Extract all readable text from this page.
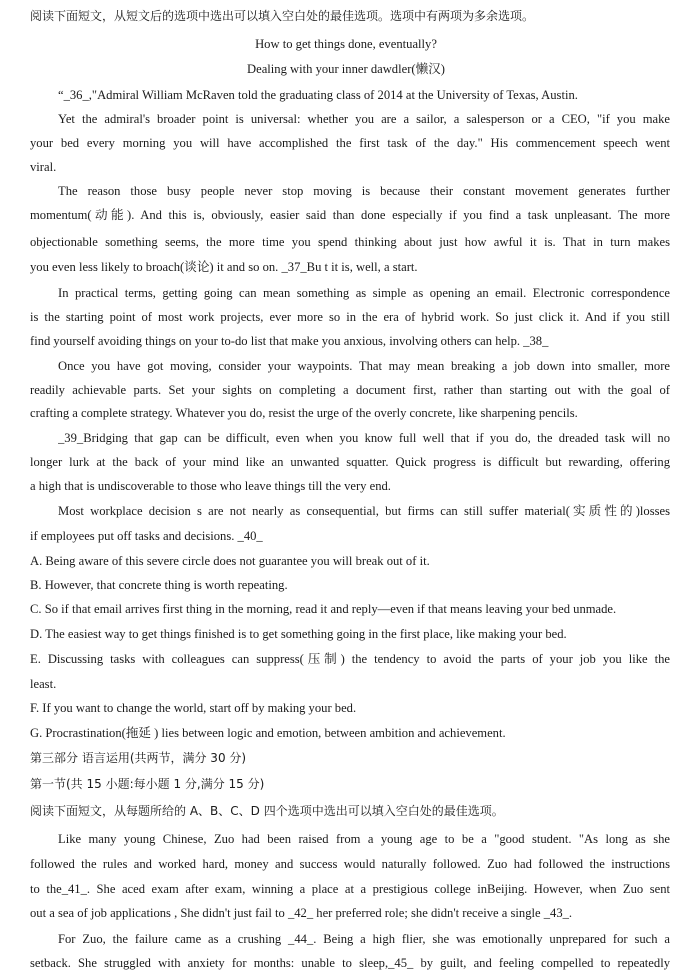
阅读下面短文，从短文后的选项中选出可以填入空白处的最佳选项。选项中有两项为多余选项。
How to get things done, eventually?
Dealing with your inner dawdler(懒汉)
“_36_,"Admiral William McRaven told the graduating class of 2014 at the University of Texas, Austin.
Yet the admiral's broader point is universal: whether you are a sailor, a salesperson or a CEO, "if you make
your bed every morning you will have accomplished the first task of the day." His commencement speech went
viral.
The reason those busy people never stop moving is because their constant movement generates further
momentum(动能). And this is, obviously, easier said than done especially if you find a task unpleasant. The more
objectionable something seems, the more time you spend thinking about just how awful it is. That in turn makes
you even less likely to broach(谈论) it and so on. _37_Bu t it is, well, a start.
In practical terms, getting going can mean something as simple as opening an email. Electronic correspondence
is the starting point of most work projects, ever more so in the era of hybrid work. So just click it. And if you still
find yourself avoiding things on your to-do list that make you anxious, involving others can help. _38_
Once you have got moving, consider your waypoints. That may mean breaking a job down into smaller, more
readily achievable parts. Set your sights on completing a document first, rather than starting out with the goal of
crafting a complete strategy. Whatever you do, resist the urge of the overly concrete, like sharpening pencils.
_39_Bridging that gap can be difficult, even when you know full well that if you do, the dreaded task will no
longer lurk at the back of your mind like an unwanted squatter. Quick progress is difficult but rewarding, offering
a high that is undiscoverable to those who leave things till the very end.
Most workplace decision s are not nearly as consequential, but firms can still suffer material(实质性的)losses
if employees put off tasks and decisions. _40_
A. Being aware of this severe circle does not guarantee you will break out of it.
B. However, that concrete thing is worth repeating.
C. So if that email arrives first thing in the morning, read it and reply—even if that means leaving your bed unmade.
D. The easiest way to get things finished is to get something going in the first place, like making your bed.
E. Discussing tasks with colleagues can suppress(压制) the tendency to avoid the parts of your job you like the
least.
F. If you want to change the world, start off by making your bed.
G. Procrastination(拖延 ) lies between logic and emotion, between ambition and achievement.
第三部分 语言运用(共两节，满分 30 分)
第一节(共 15 小题:每小题 1 分,满分 15 分)
阅读下面短文，从每题所给的 A、B、C、D 四个选项中选出可以填入空白处的最佳选项。
Like many young Chinese, Zuo had been raised from a young age to be a "good student. "As long as she
followed the rules and worked hard, money and success would naturally followed. Zuo had followed the instructions
to the_41_. She aced exam after exam, winning a place at a prestigious college inBeijing. However, when Zuo sent
out a sea of job applications , She didn't just fail to _42_ her preferred role; she didn't receive a single _43_.
For Zuo, the failure came as a crushing _44_. Being a high flier, she was emotionally unprepared for such a
setback. She struggled with anxiety for months: unable to sleep,_45_ by guilt, and feeling compelled to repeatedly
